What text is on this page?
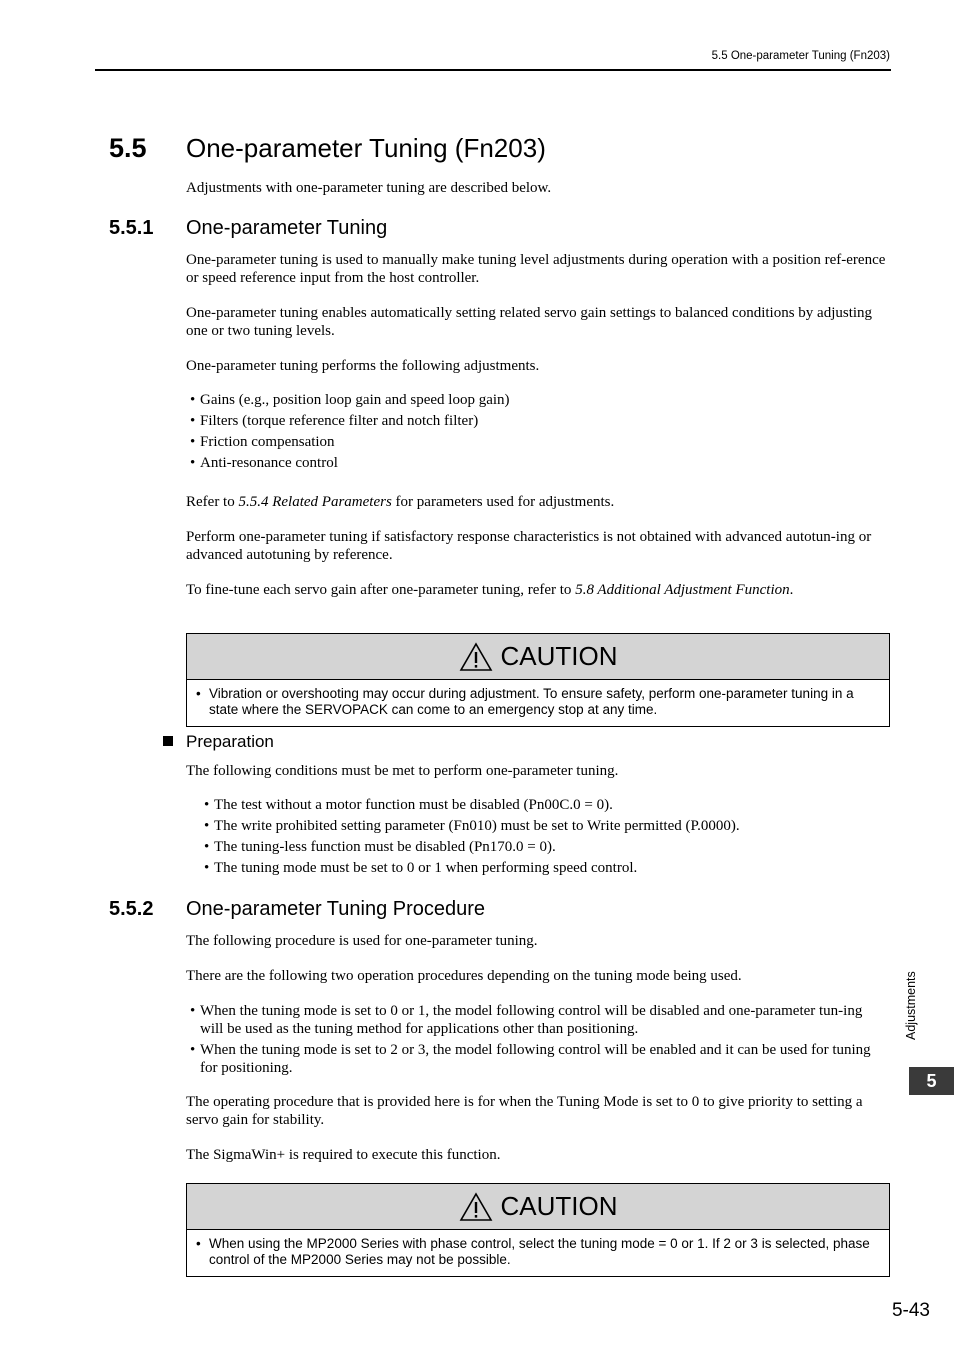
5.5 One-parameter Tuning (Fn203)
5.5 One-parameter Tuning (Fn203)
Adjustments with one-parameter tuning are described below.
5.5.1 One-parameter Tuning
One-parameter tuning is used to manually make tuning level adjustments during operation with a position ref-erence or speed reference input from the host controller.
One-parameter tuning enables automatically setting related servo gain settings to balanced conditions by adjusting one or two tuning levels.
One-parameter tuning performs the following adjustments.
• Gains (e.g., position loop gain and speed loop gain)
• Filters (torque reference filter and notch filter)
• Friction compensation
• Anti-resonance control
Refer to 5.5.4 Related Parameters for parameters used for adjustments.
Perform one-parameter tuning if satisfactory response characteristics is not obtained with advanced autotun-ing or advanced autotuning by reference.
To fine-tune each servo gain after one-parameter tuning, refer to 5.8 Additional Adjustment Function.
CAUTION
• Vibration or overshooting may occur during adjustment. To ensure safety, perform one-parameter tuning in a state where the SERVOPACK can come to an emergency stop at any time.
Preparation
The following conditions must be met to perform one-parameter tuning.
• The test without a motor function must be disabled (Pn00C.0 = 0).
• The write prohibited setting parameter (Fn010) must be set to Write permitted (P.0000).
• The tuning-less function must be disabled (Pn170.0 = 0).
• The tuning mode must be set to 0 or 1 when performing speed control.
5.5.2 One-parameter Tuning Procedure
The following procedure is used for one-parameter tuning.
There are the following two operation procedures depending on the tuning mode being used.
• When the tuning mode is set to 0 or 1, the model following control will be disabled and one-parameter tun-ing will be used as the tuning method for applications other than positioning.
• When the tuning mode is set to 2 or 3, the model following control will be enabled and it can be used for tuning for positioning.
The operating procedure that is provided here is for when the Tuning Mode is set to 0 to give priority to setting a servo gain for stability.
The SigmaWin+ is required to execute this function.
CAUTION
• When using the MP2000 Series with phase control, select the tuning mode = 0 or 1. If 2 or 3 is selected, phase control of the MP2000 Series may not be possible.
Adjustments
5
5-43
